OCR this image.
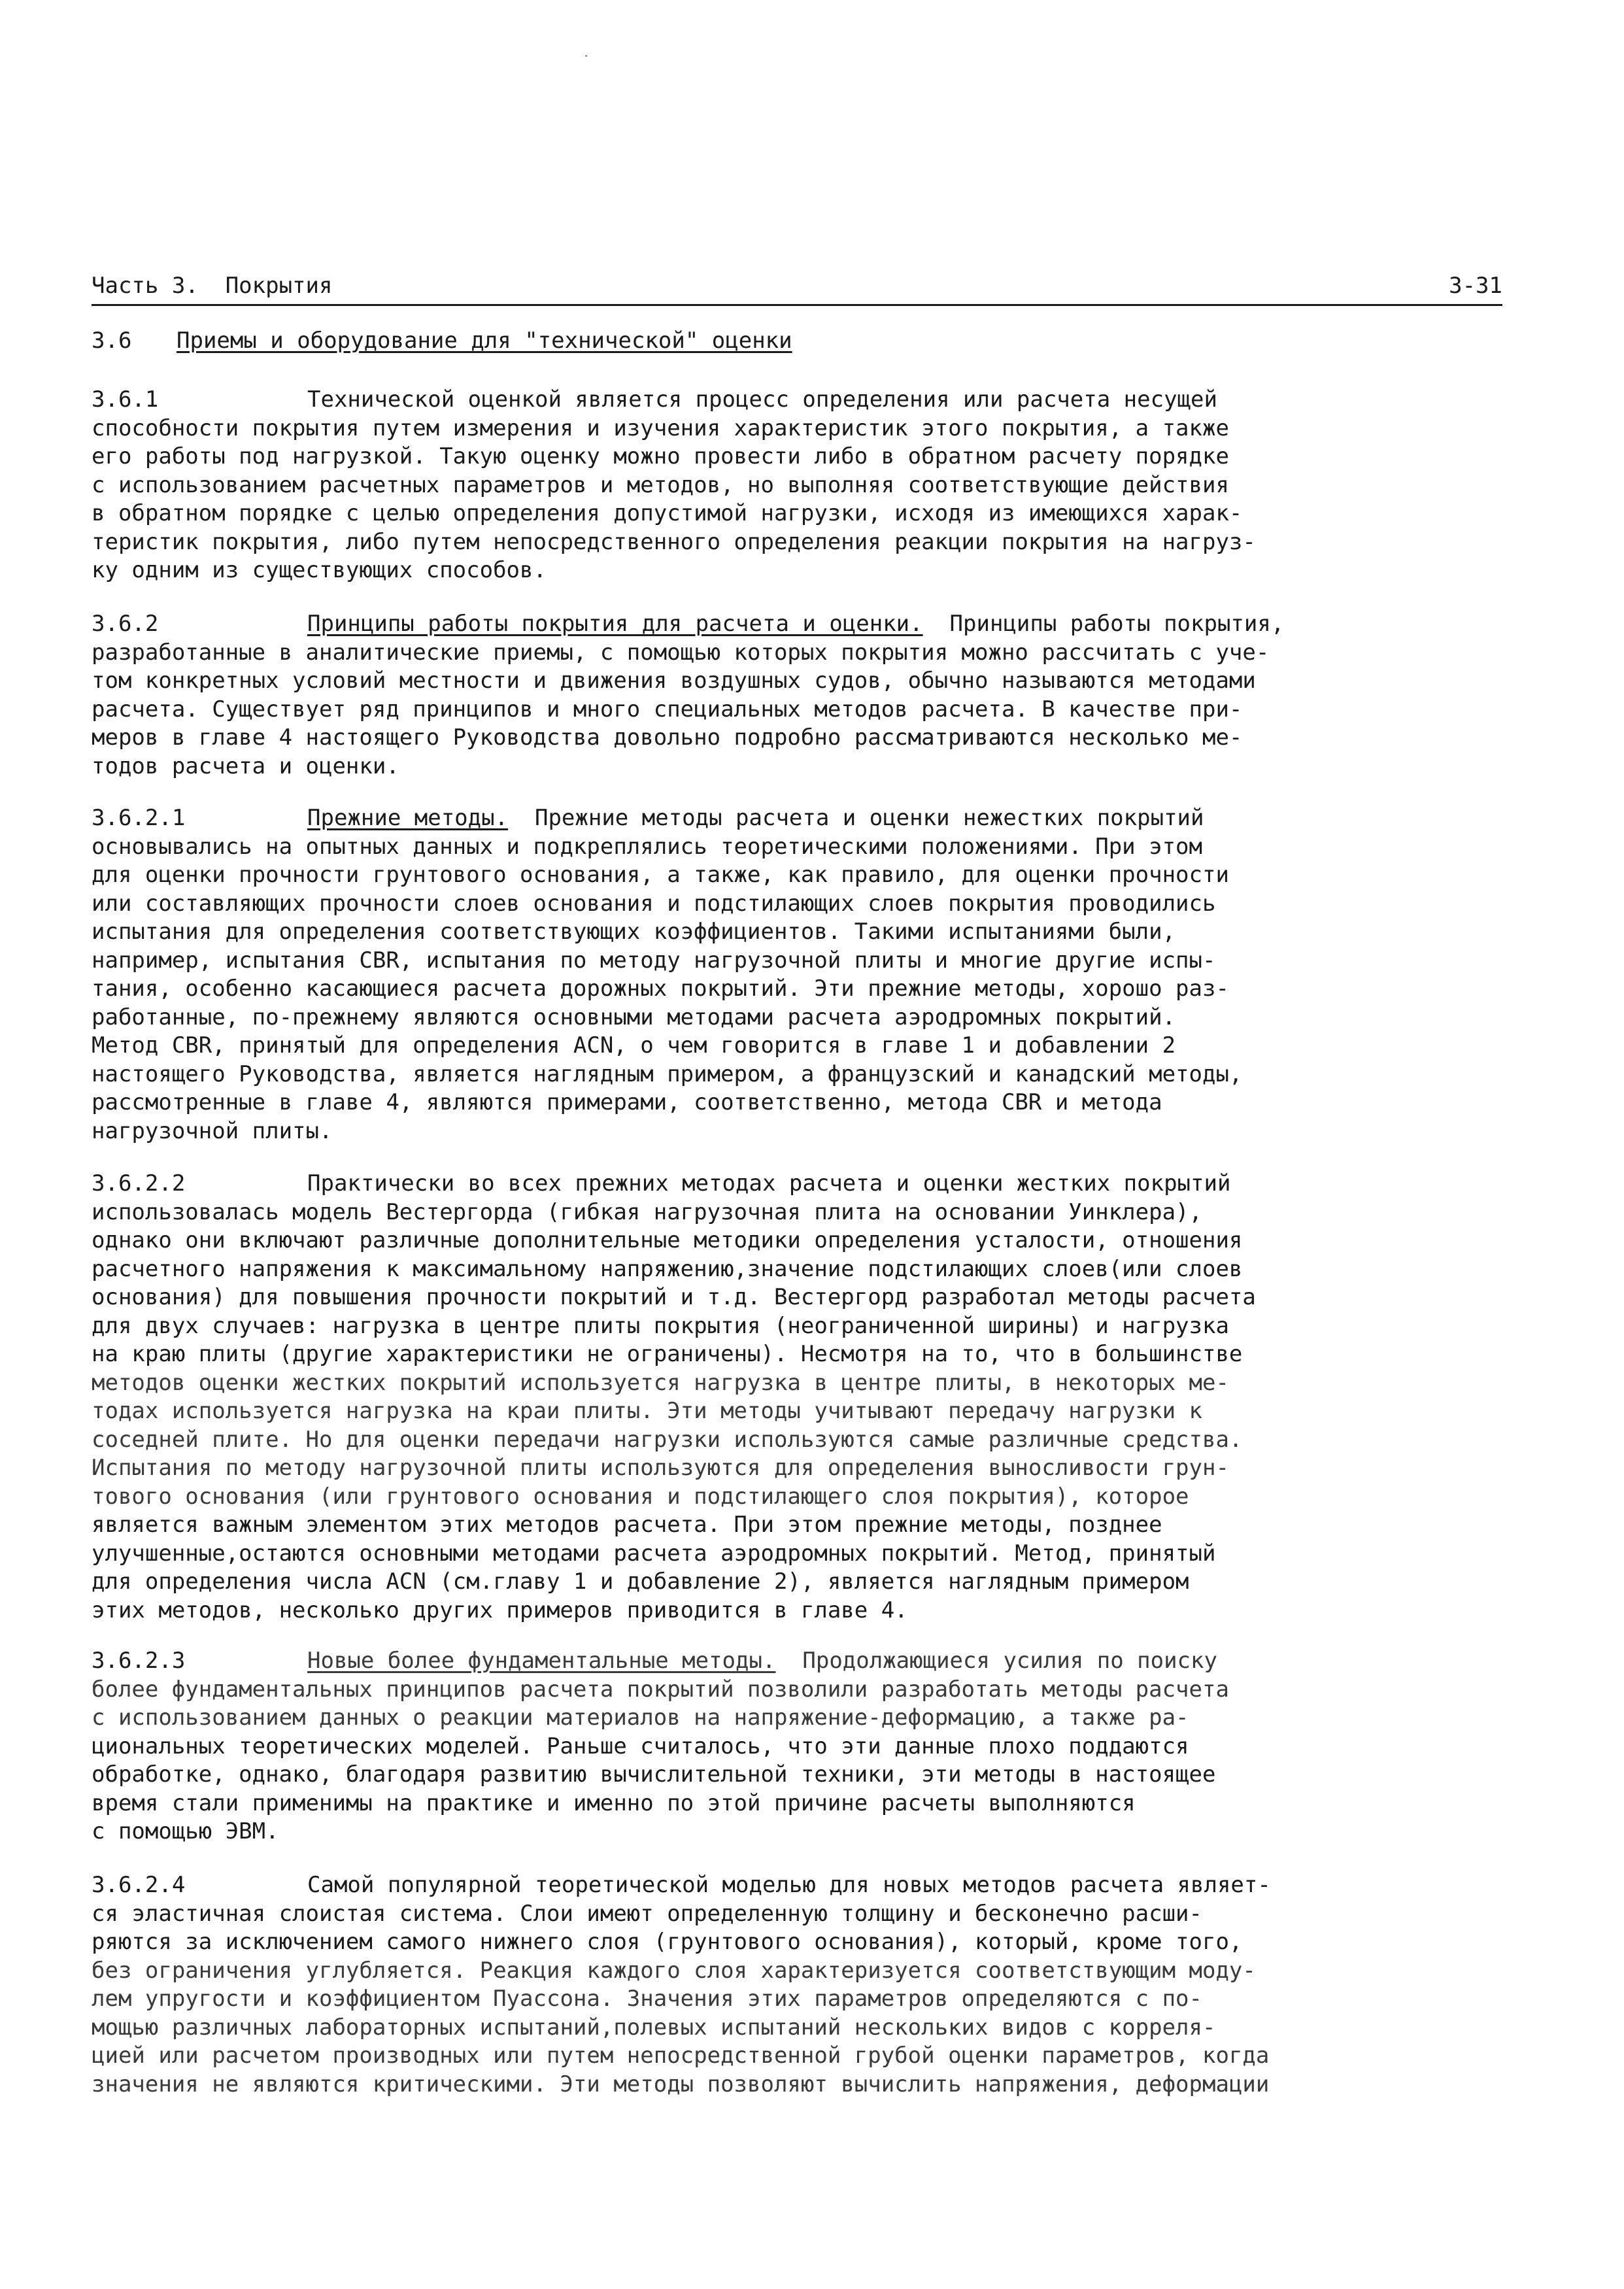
Часть 3.  Покрытия	3-31
3.6 Приемы и оборудование для "технической" оценки
3.6.1	Технической оценкой является процесс определения или расчета несущей
способности покрытия путем измерения и изучения характеристик этого покрытия, а также
его работы под нагрузкой. Такую оценку можно провести либо в обратном расчету порядке
с использованием расчетных параметров и методов, но выполняя соответствующие действия
в обратном порядке с целью определения допустимой нагрузки, исходя из имеющихся харак-
теристик покрытия, либо путем непосредственного определения реакции покрытия на нагруз-
ку одним из существующих способов.
3.6.2	Принципы работы покрытия для расчета и оценки.  Принципы работы покрытия,
разработанные в аналитические приемы, с помощью которых покрытия можно рассчитать с уче-
том конкретных условий местности и движения воздушных судов, обычно называются методами
расчета. Существует ряд принципов и много специальных методов расчета. В качестве при-
меров в главе 4 настоящего Руководства довольно подробно рассматриваются несколько ме-
тодов расчета и оценки.
3.6.2.1	Прежние методы.  Прежние методы расчета и оценки нежестких покрытий
основывались на опытных данных и подкреплялись теоретическими положениями. При этом
для оценки прочности грунтового основания, а также, как правило, для оценки прочности
или составляющих прочности слоев основания и подстилающих слоев покрытия проводились
испытания для определения соответствующих коэффициентов. Такими испытаниями были,
например, испытания CBR, испытания по методу нагрузочной плиты и многие другие испы-
тания, особенно касающиеся расчета дорожных покрытий. Эти прежние методы, хорошо раз-
работанные, по-прежнему являются основными методами расчета аэродромных покрытий.
Метод CBR, принятый для определения ACN, о чем говорится в главе 1 и добавлении 2
настоящего Руководства, является наглядным примером, а французский и канадский методы,
рассмотренные в главе 4, являются примерами, соответственно, метода CBR и метода
нагрузочной плиты.
3.6.2.2	Практически во всех прежних методах расчета и оценки жестких покрытий
использовалась модель Вестергорда (гибкая нагрузочная плита на основании Уинклера),
однако они включают различные дополнительные методики определения усталости, отношения
расчетного напряжения к максимальному напряжению,значение подстилающих слоев(или слоев
основания) для повышения прочности покрытий и т.д. Вестергорд разработал методы расчета
для двух случаев: нагрузка в центре плиты покрытия (неограниченной ширины) и нагрузка
на краю плиты (другие характеристики не ограничены). Несмотря на то, что в большинстве
методов оценки жестких покрытий используется нагрузка в центре плиты, в некоторых ме-
тодах используется нагрузка на краи плиты. Эти методы учитывают передачу нагрузки к
соседней плите. Но для оценки передачи нагрузки используются самые различные средства.
Испытания по методу нагрузочной плиты используются для определения выносливости грун-
тового основания (или грунтового основания и подстилающего слоя покрытия), которое
является важным элементом этих методов расчета. При этом прежние методы, позднее
улучшенные,остаются основными методами расчета аэродромных покрытий. Метод, принятый
для определения числа ACN (см.главу 1 и добавление 2), является наглядным примером
этих методов, несколько других примеров приводится в главе 4.
3.6.2.3	Новые более фундаментальные методы.  Продолжающиеся усилия по поиску
более фундаментальных принципов расчета покрытий позволили разработать методы расчета
с использованием данных о реакции материалов на напряжение-деформацию, а также ра-
циональных теоретических моделей. Раньше считалось, что эти данные плохо поддаются
обработке, однако, благодаря развитию вычислительной техники, эти методы в настоящее
время стали применимы на практике и именно по этой причине расчеты выполняются
с помощью ЭВМ.
3.6.2.4	Самой популярной теоретической моделью для новых методов расчета являет-
ся эластичная слоистая система. Слои имеют определенную толщину и бесконечно расши-
ряются за исключением самого нижнего слоя (грунтового основания), который, кроме того,
без ограничения углубляется. Реакция каждого слоя характеризуется соответствующим моду-
лем упругости и коэффициентом Пуассона. Значения этих параметров определяются с по-
мощью различных лабораторных испытаний,полевых испытаний нескольких видов с корреля-
цией или расчетом производных или путем непосредственной грубой оценки параметров, когда
значения не являются критическими. Эти методы позволяют вычислить напряжения, деформации
